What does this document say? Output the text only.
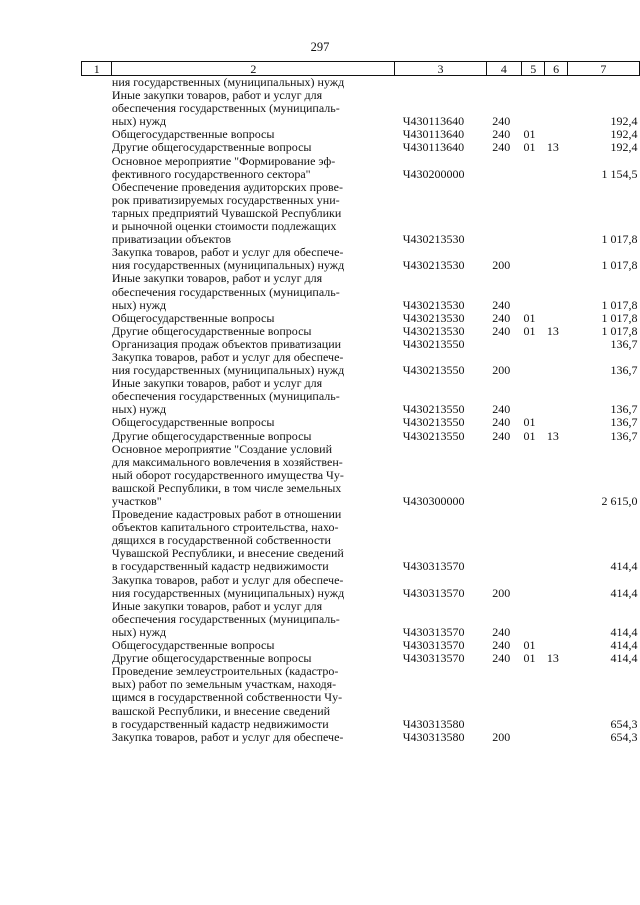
297
1	2	3	4	5	6	7
	ния государственных (муниципальных) нужд					
	Иные закупки товаров, работ и услуг для
обеспечения государственных (муниципаль-
ных) нужд	Ч430113640	240			192,4
	Общегосударственные вопросы	Ч430113640	240	01		192,4
	Другие общегосударственные вопросы	Ч430113640	240	01	13	192,4
	Основное мероприятие "Формирование эф-
фективного государственного сектора"	Ч430200000				1 154,5
	Обеспечение проведения аудиторских прове-
рок приватизируемых государственных уни-
тарных предприятий Чувашской Республики
и рыночной оценки стоимости подлежащих
приватизации объектов	Ч430213530				1 017,8
	Закупка товаров, работ и услуг для обеспече-
ния государственных (муниципальных) нужд	Ч430213530	200			1 017,8
	Иные закупки товаров, работ и услуг для
обеспечения государственных (муниципаль-
ных) нужд	Ч430213530	240			1 017,8
	Общегосударственные вопросы	Ч430213530	240	01		1 017,8
	Другие общегосударственные вопросы	Ч430213530	240	01	13	1 017,8
	Организация продаж объектов приватизации	Ч430213550				136,7
	Закупка товаров, работ и услуг для обеспече-
ния государственных (муниципальных) нужд	Ч430213550	200			136,7
	Иные закупки товаров, работ и услуг для
обеспечения государственных (муниципаль-
ных) нужд	Ч430213550	240			136,7
	Общегосударственные вопросы	Ч430213550	240	01		136,7
	Другие общегосударственные вопросы	Ч430213550	240	01	13	136,7
	Основное мероприятие "Создание условий
для максимального вовлечения в хозяйствен-
ный оборот государственного имущества Чу-
вашской Республики, в том числе земельных
участков"	Ч430300000				2 615,0
	Проведение кадастровых работ в отношении
объектов капитального строительства, нахо-
дящихся в государственной собственности
Чувашской Республики, и внесение сведений
в государственный кадастр недвижимости	Ч430313570				414,4
	Закупка товаров, работ и услуг для обеспече-
ния государственных (муниципальных) нужд	Ч430313570	200			414,4
	Иные закупки товаров, работ и услуг для
обеспечения государственных (муниципаль-
ных) нужд	Ч430313570	240			414,4
	Общегосударственные вопросы	Ч430313570	240	01		414,4
	Другие общегосударственные вопросы	Ч430313570	240	01	13	414,4
	Проведение землеустроительных (кадастро-
вых) работ по земельным участкам, находя-
щимся в государственной собственности Чу-
вашской Республики, и внесение сведений
в государственный кадастр недвижимости	Ч430313580				654,3
	Закупка товаров, работ и услуг для обеспече-	Ч430313580	200			654,3
